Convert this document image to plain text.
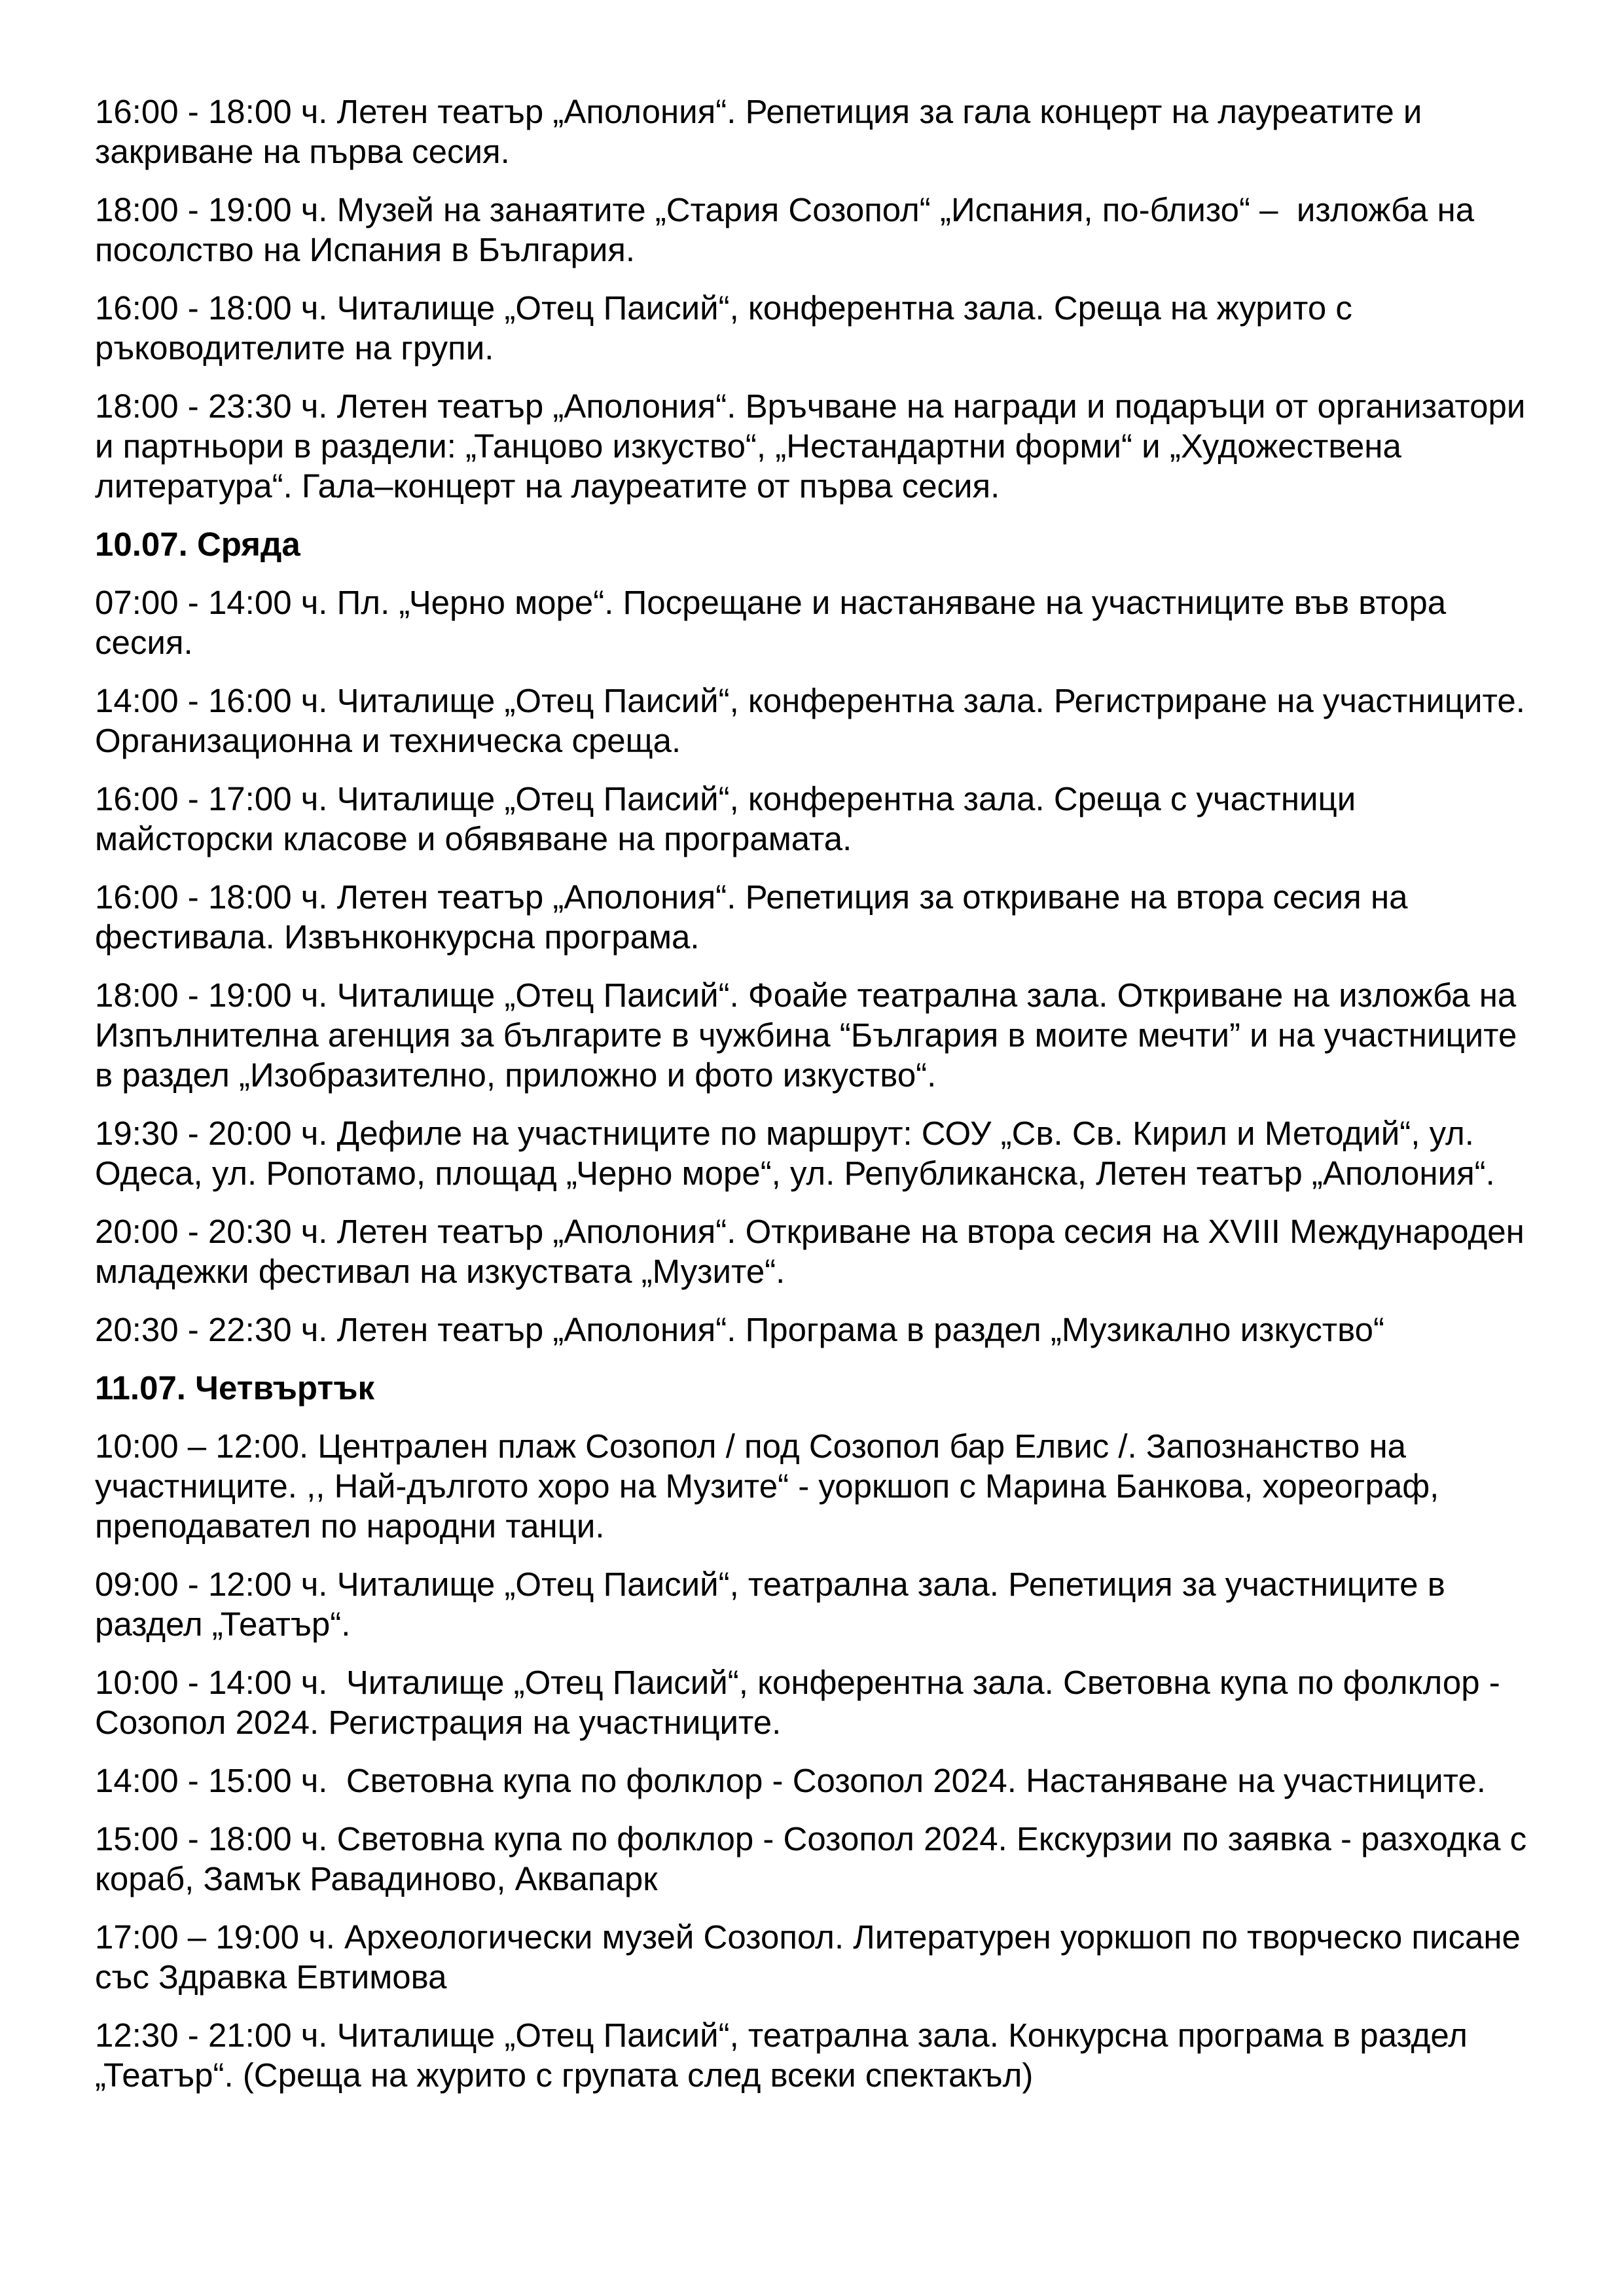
16:00 - 18:00 ч. Летен театър „Аполония“. Репетиция за гала концерт на лауреатите и закриване на първа сесия.

18:00 - 19:00 ч. Музей на занаятите „Стария Созопол“ „Испания, по-близо“ –  изложба на посолство на Испания в България.

16:00 - 18:00 ч. Читалище „Отец Паисий“, конферентна зала. Среща на журито с ръководителите на групи.

18:00 - 23:30 ч. Летен театър „Аполония“. Връчване на награди и подаръци от организатори и партньори в раздели: „Танцово изкуство“, „Нестандартни форми“ и „Художествена литература“. Гала–концерт на лауреатите от първа сесия.

10.07. Сряда

07:00 - 14:00 ч. Пл. „Черно море“. Посрещане и настаняване на участниците във втора сесия.

14:00 - 16:00 ч. Читалище „Отец Паисий“, конферентна зала. Регистриране на участниците. Организационна и техническа среща.

16:00 - 17:00 ч. Читалище „Отец Паисий“, конферентна зала. Среща с участници майсторски класове и обявяване на програмата.

16:00 - 18:00 ч. Летен театър „Аполония“. Репетиция за откриване на втора сесия на фестивала. Извънконкурсна програма.

18:00 - 19:00 ч. Читалище „Отец Паисий“. Фоайе театрална зала. Откриване на изложба на Изпълнителна агенция за българите в чужбина “България в моите мечти” и на участниците в раздел „Изобразително, приложно и фото изкуство“.

19:30 - 20:00 ч. Дефиле на участниците по маршрут: СОУ „Св. Св. Кирил и Методий“, ул. Одеса, ул. Ропотамо, площад „Черно море“, ул. Републиканска, Летен театър „Аполония“.

20:00 - 20:30 ч. Летен театър „Аполония“. Откриване на втора сесия на XVIII Международен младежки фестивал на изкуствата „Музите“.

20:30 - 22:30 ч. Летен театър „Аполония“. Програма в раздел „Музикално изкуство“

11.07. Четвъртък

10:00 – 12:00. Централен плаж Созопол / под Созопол бар Елвис /. Запознанство на участниците. ,, Най-дългото хоро на Музите“ - уоркшоп с Марина Банкова, хореограф, преподавател по народни танци.

09:00 - 12:00 ч. Читалище „Отец Паисий“, театрална зала. Репетиция за участниците в раздел „Театър“.

10:00 - 14:00 ч.  Читалище „Отец Паисий“, конферентна зала. Световна купа по фолклор - Созопол 2024. Регистрация на участниците.

14:00 - 15:00 ч.  Световна купа по фолклор - Созопол 2024. Настаняване на участниците.

15:00 - 18:00 ч. Световна купа по фолклор - Созопол 2024. Екскурзии по заявка - разходка с кораб, Замък Равадиново, Аквапарк

17:00 – 19:00 ч. Археологически музей Созопол. Литературен уоркшоп по творческо писане със Здравка Евтимова

12:30 - 21:00 ч. Читалище „Отец Паисий“, театрална зала. Конкурсна програма в раздел „Театър“. (Среща на журито с групата след всеки спектакъл)
